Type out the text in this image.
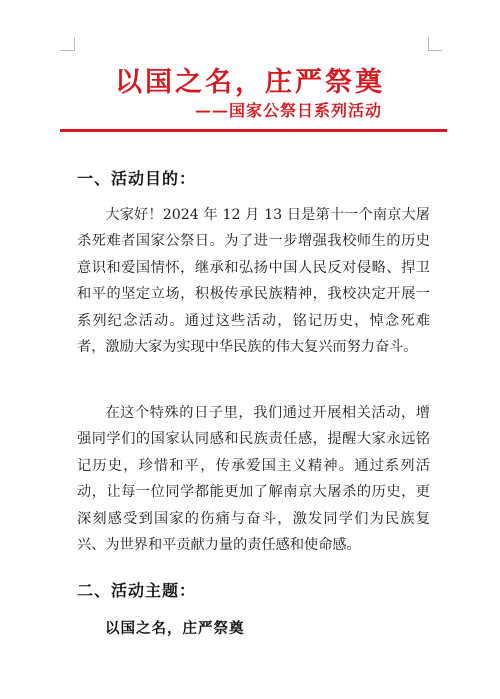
以国之名，庄严祭奠
——国家公祭日系列活动
一、活动目的：
大家好！2024 年 12 月 13 日是第十一个南京大屠杀死难者国家公祭日。为了进一步增强我校师生的历史意识和爱国情怀，继承和弘扬中国人民反对侵略、捍卫和平的坚定立场，积极传承民族精神，我校决定开展一系列纪念活动。通过这些活动，铭记历史，悼念死难者，激励大家为实现中华民族的伟大复兴而努力奋斗。
在这个特殊的日子里，我们通过开展相关活动，增强同学们的国家认同感和民族责任感，提醒大家永远铭记历史，珍惜和平，传承爱国主义精神。通过系列活动，让每一位同学都能更加了解南京大屠杀的历史，更深刻感受到国家的伤痛与奋斗，激发同学们为民族复兴、为世界和平贡献力量的责任感和使命感。
二、活动主题：
以国之名，庄严祭奠
